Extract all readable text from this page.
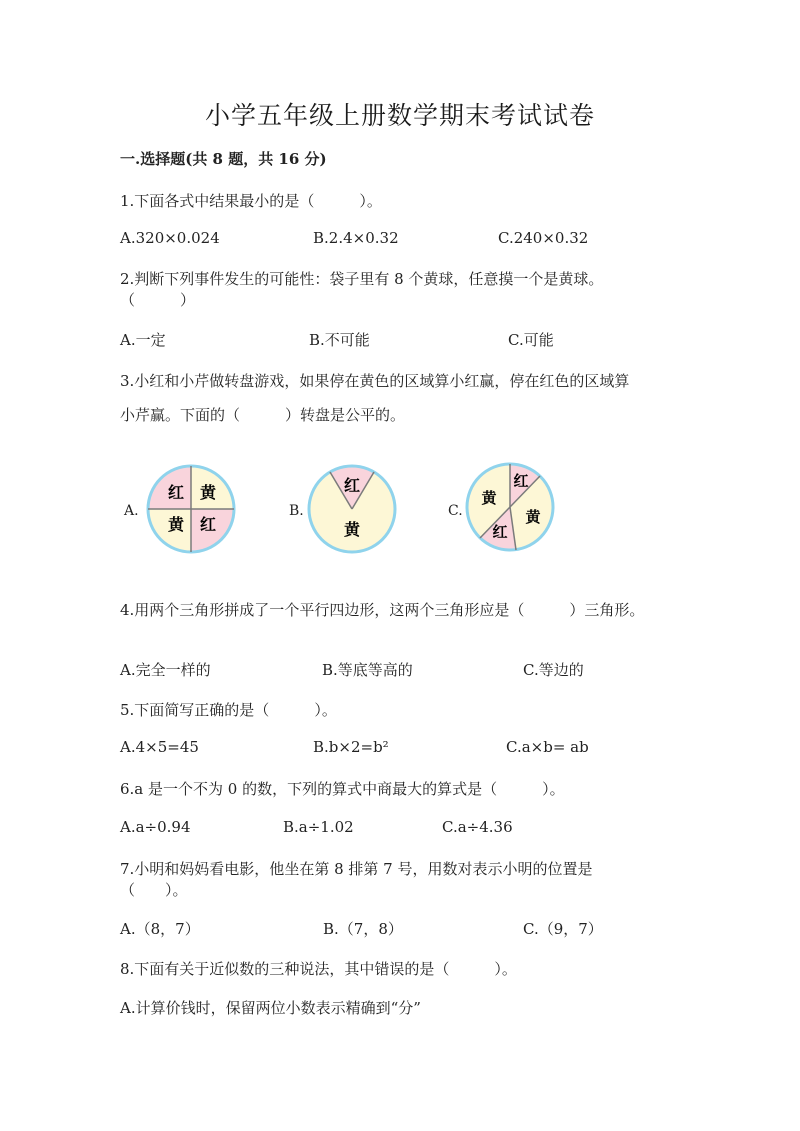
小学五年级上册数学期末考试试卷
一.选择题(共 8 题，共 16 分)
1.下面各式中结果最小的是（　　　）。
A.320×0.024	B.2.4×0.32	C.240×0.32
2.判断下列事件发生的可能性：袋子里有 8 个黄球，任意摸一个是黄球。
（　　　）
A.一定	B.不可能	C.可能
3.小红和小芹做转盘游戏，如果停在黄色的区域算小红赢，停在红色的区域算
小芹赢。下面的（　　　）转盘是公平的。
A.	B.	C.
红 黄
黄 红
红
黄
红
黄
黄
红
4.用两个三角形拼成了一个平行四边形，这两个三角形应是（　　　）三角形。
A.完全一样的	B.等底等高的	C.等边的
5.下面简写正确的是（　　　）。
A.4×5=45	B.b×2=b²	C.a×b= ab
6.a 是一个不为 0 的数，下列的算式中商最大的算式是（　　　）。
A.a÷0.94	B.a÷1.02	C.a÷4.36
7.小明和妈妈看电影，他坐在第 8 排第 7 号，用数对表示小明的位置是
（　　）。
A.（8，7）	B.（7，8）	C.（9，7）
8.下面有关于近似数的三种说法，其中错误的是（　　　）。
A.计算价钱时，保留两位小数表示精确到“分”
